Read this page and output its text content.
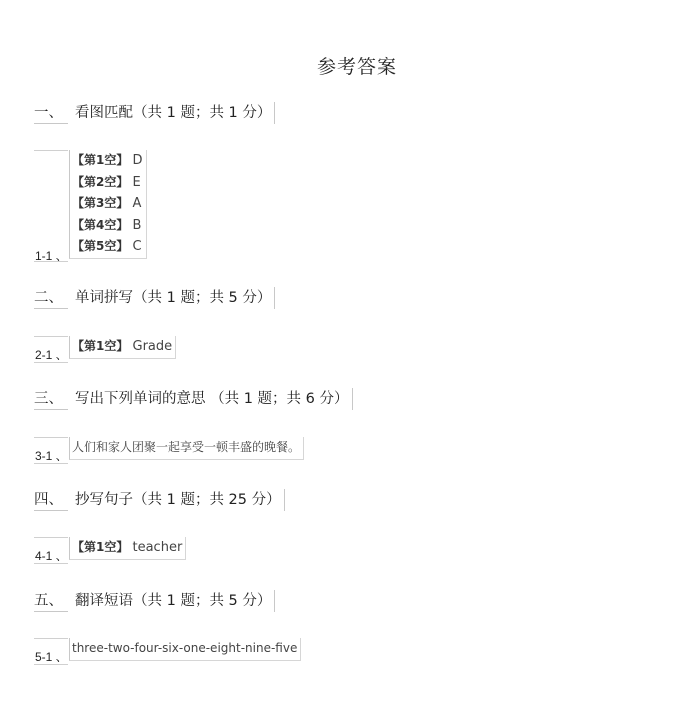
参考答案
一、 看图匹配（共 1 题；共 1 分）
1-1 、
【第1空】 D
【第2空】 E
【第3空】 A
【第4空】 B
【第5空】 C
二、 单词拼写（共 1 题；共 5 分）
2-1 、
【第1空】 Grade
三、 写出下列单词的意思 （共 1 题；共 6 分）
3-1 、
人们和家人团聚一起享受一顿丰盛的晚餐。
四、 抄写句子（共 1 题；共 25 分）
4-1 、
【第1空】 teacher
五、 翻译短语（共 1 题；共 5 分）
5-1 、
three-two-four-six-one-eight-nine-five
